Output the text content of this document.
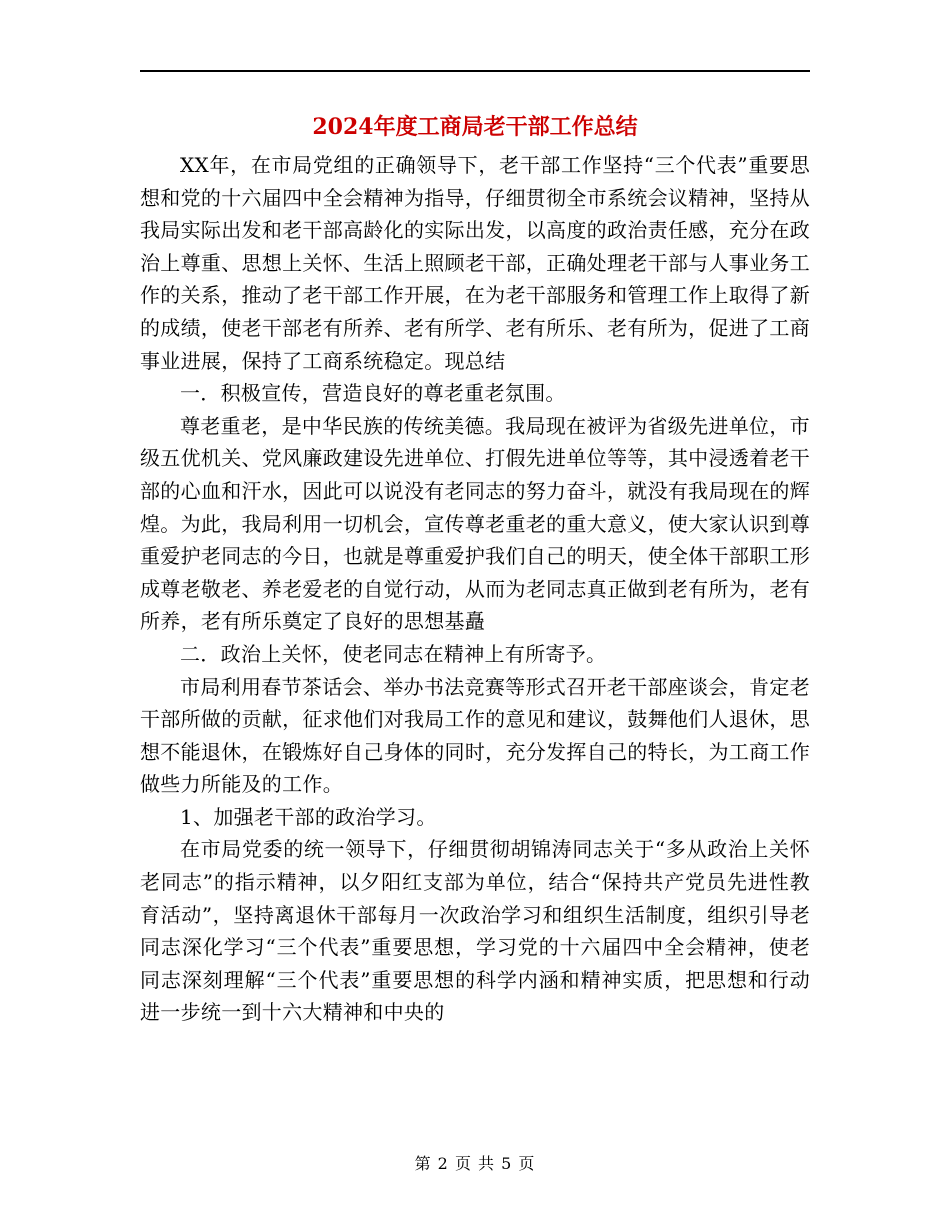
2024年度工商局老干部工作总结

XX年，在市局党组的正确领导下，老干部工作坚持“三个代表”重要思想和党的十六届四中全会精神为指导，仔细贯彻全市系统会议精神，坚持从我局实际出发和老干部高龄化的实际出发，以高度的政治责任感，充分在政治上尊重、思想上关怀、生活上照顾老干部，正确处理老干部与人事业务工作的关系，推动了老干部工作开展，在为老干部服务和管理工作上取得了新的成绩，使老干部老有所养、老有所学、老有所乐、老有所为，促进了工商事业进展，保持了工商系统稳定。现总结

一．积极宣传，营造良好的尊老重老氛围。

尊老重老，是中华民族的传统美德。我局现在被评为省级先进单位，市级五优机关、党风廉政建设先进单位、打假先进单位等等，其中浸透着老干部的心血和汗水，因此可以说没有老同志的努力奋斗，就没有我局现在的辉煌。为此，我局利用一切机会，宣传尊老重老的重大意义，使大家认识到尊重爱护老同志的今日，也就是尊重爱护我们自己的明天，使全体干部职工形成尊老敬老、养老爱老的自觉行动，从而为老同志真正做到老有所为，老有所养，老有所乐奠定了良好的思想基矗

二．政治上关怀，使老同志在精神上有所寄予。

市局利用春节茶话会、举办书法竞赛等形式召开老干部座谈会，肯定老干部所做的贡献，征求他们对我局工作的意见和建议，鼓舞他们人退休，思想不能退休，在锻炼好自己身体的同时，充分发挥自己的特长，为工商工作做些力所能及的工作。

1、加强老干部的政治学习。

在市局党委的统一领导下，仔细贯彻胡锦涛同志关于“多从政治上关怀老同志”的指示精神，以夕阳红支部为单位，结合“保持共产党员先进性教育活动”，坚持离退休干部每月一次政治学习和组织生活制度，组织引导老同志深化学习“三个代表”重要思想，学习党的十六届四中全会精神，使老同志深刻理解“三个代表”重要思想的科学内涵和精神实质，把思想和行动进一步统一到十六大精神和中央的

第 2 页 共 5 页
